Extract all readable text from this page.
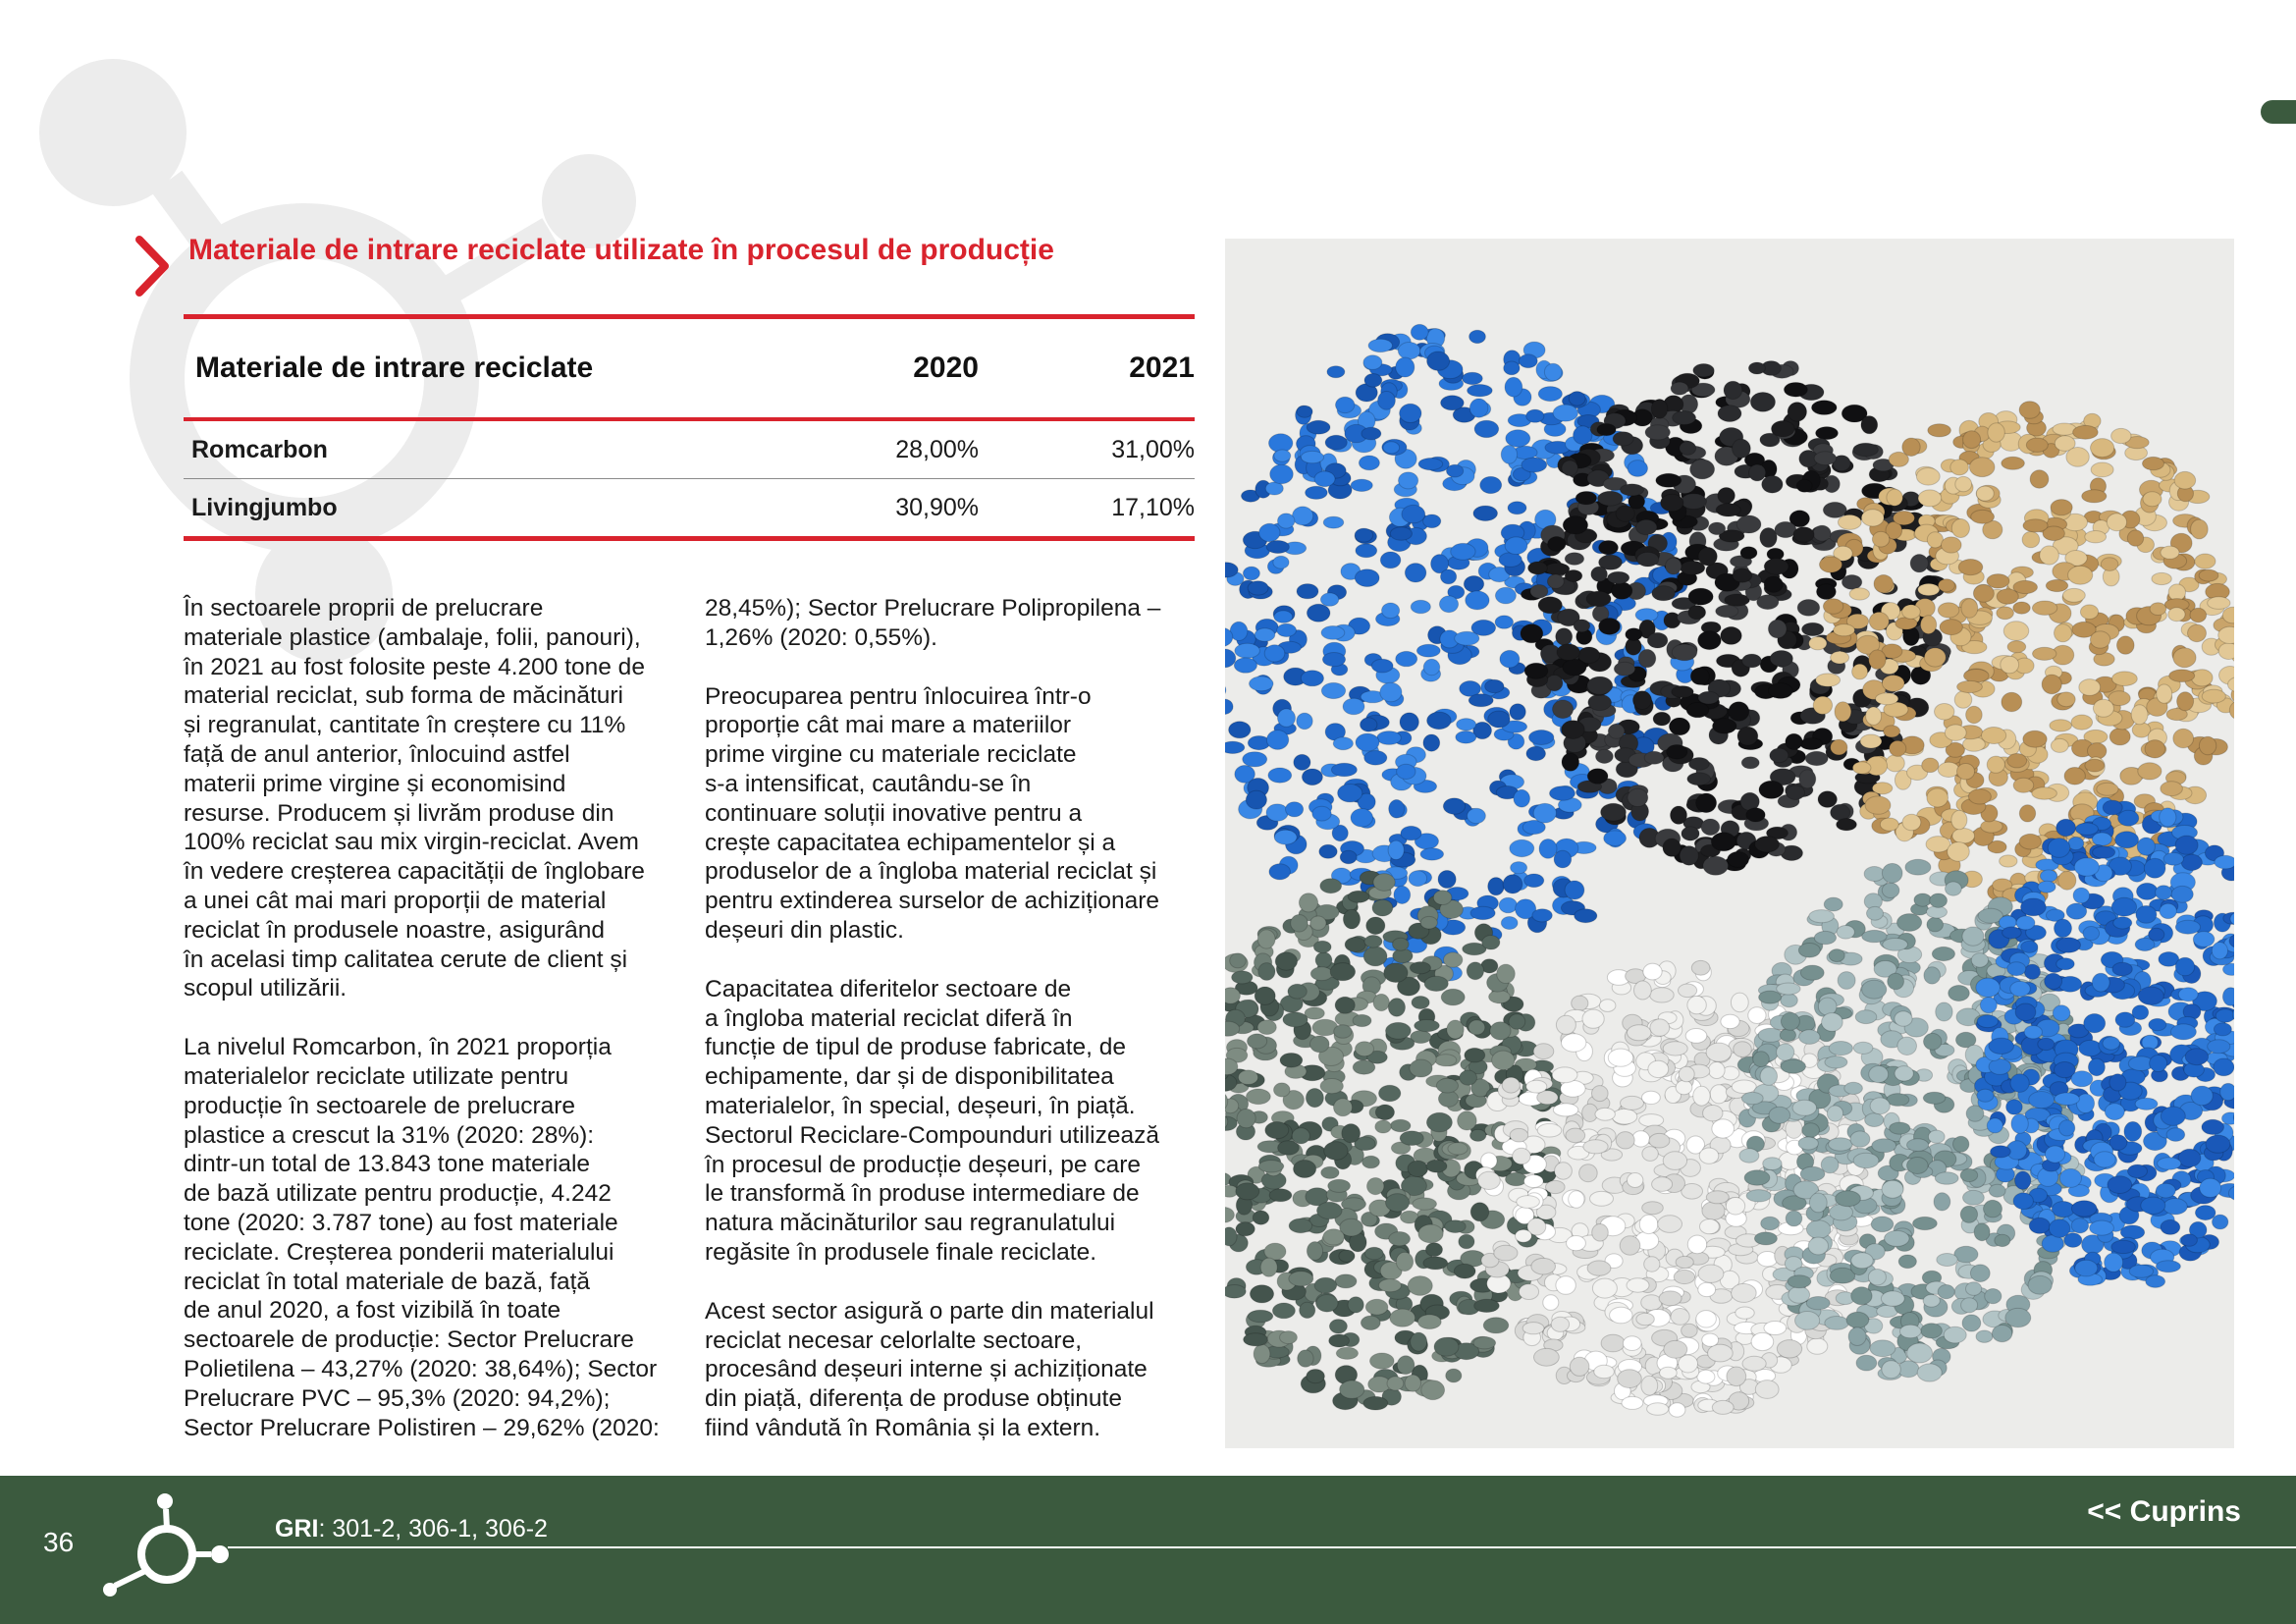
Materiale de intrare reciclate utilizate în procesul de producție
Materiale de intrare reciclate	2020	2021
Romcarbon	28,00%	31,00%
Livingjumbo	30,90%	17,10%

În sectoarele proprii de prelucrare
materiale plastice (ambalaje, folii, panouri),
în 2021 au fost folosite peste 4.200 tone de
material reciclat, sub forma de măcinături
și regranulat, cantitate în creștere cu 11%
față de anul anterior, înlocuind astfel
materii prime virgine și economisind
resurse. Producem și livrăm produse din
100% reciclat sau mix virgin-reciclat. Avem
în vedere creșterea capacității de înglobare
a unei cât mai mari proporții de material
reciclat în produsele noastre, asigurând
în acelasi timp calitatea cerute de client și
scopul utilizării.

La nivelul Romcarbon, în 2021 proporția
materialelor reciclate utilizate pentru
producție în sectoarele de prelucrare
plastice a crescut la 31% (2020: 28%):
dintr-un total de 13.843 tone materiale
de bază utilizate pentru producție, 4.242
tone (2020: 3.787 tone) au fost materiale
reciclate. Creșterea ponderii materialului
reciclat în total materiale de bază, față
de anul 2020, a fost vizibilă în toate
sectoarele de producție: Sector Prelucrare
Polietilena – 43,27% (2020: 38,64%); Sector
Prelucrare PVC – 95,3% (2020: 94,2%);
Sector Prelucrare Polistiren – 29,62% (2020:

28,45%); Sector Prelucrare Polipropilena –
1,26% (2020: 0,55%).

Preocuparea pentru înlocuirea într-o
proporție cât mai mare a materiilor
prime virgine cu materiale reciclate
s-a intensificat, cautându-se în
continuare soluții inovative pentru a
crește capacitatea echipamentelor și a
produselor de a îngloba material reciclat și
pentru extinderea surselor de achiziționare
deșeuri din plastic.

Capacitatea diferitelor sectoare de
a îngloba material reciclat diferă în
funcție de tipul de produse fabricate, de
echipamente, dar și de disponibilitatea
materialelor, în special, deșeuri, în piață.
Sectorul Reciclare-Compounduri utilizează
în procesul de producție deșeuri, pe care
le transformă în produse intermediare de
natura măcinăturilor sau regranulatului
regăsite în produsele finale reciclate.

Acest sector asigură o parte din materialul
reciclat necesar celorlalte sectoare,
procesând deșeuri interne și achiziționate
din piață, diferența de produse obținute
fiind vândută în România și la extern.

36	GRI: 301-2, 306-1, 306-2
<< Cuprins
